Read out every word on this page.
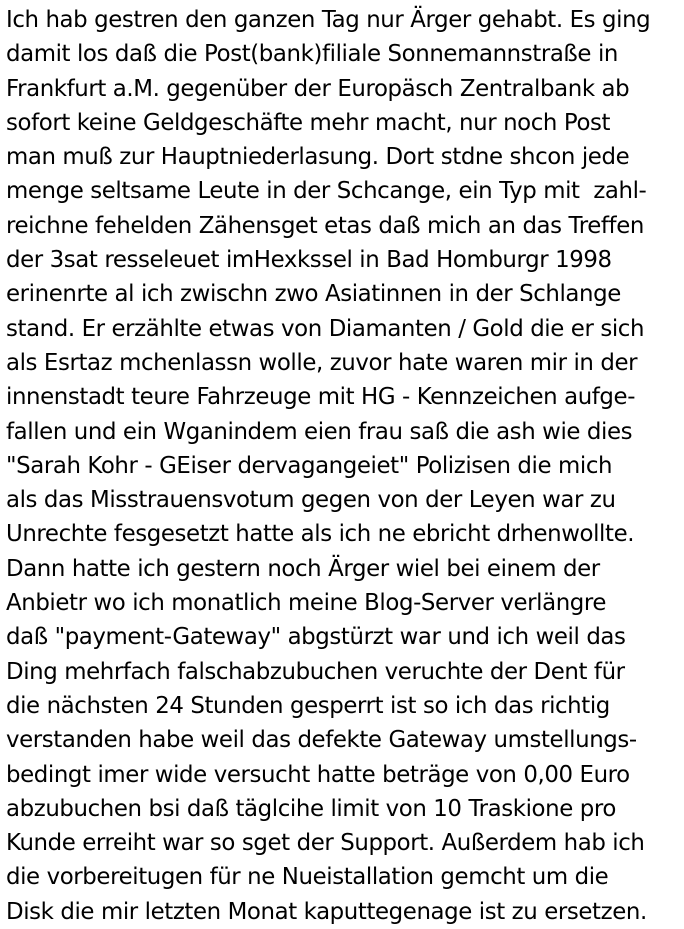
Ich hab gestren den ganzen Tag nur Ärger gehabt. Es ging
damit los daß die Post(bank)filiale Sonnemannstraße in
Frankfurt a.M. gegenüber der Europäsch Zentralbank ab
sofort keine Geldgeschäfte mehr macht, nur noch Post
man muß zur Hauptniederlasung. Dort stdne shcon jede
menge seltsame Leute in der Schcange, ein Typ mit  zahl-
reichne fehelden Zähensget etas daß mich an das Treffen
der 3sat resseleuet imHexkssel in Bad Homburgr 1998
erinenrte al ich zwischn zwo Asiatinnen in der Schlange
stand. Er erzählte etwas von Diamanten / Gold die er sich
als Esrtaz mchenlassn wolle, zuvor hate waren mir in der
innenstadt teure Fahrzeuge mit HG - Kennzeichen aufge-
fallen und ein Wganindem eien frau saß die ash wie dies
"Sarah Kohr - GEiser dervagangeiet" Polizisen die mich
als das Misstrauensvotum gegen von der Leyen war zu
Unrechte fesgesetzt hatte als ich ne ebricht drhenwollte.
Dann hatte ich gestern noch Ärger wiel bei einem der
Anbietr wo ich monatlich meine Blog-Server verlängre
daß "payment-Gateway" abgstürzt war und ich weil das
Ding mehrfach falschabzubuchen veruchte der Dent für
die nächsten 24 Stunden gesperrt ist so ich das richtig
verstanden habe weil das defekte Gateway umstellungs-
bedingt imer wide versucht hatte beträge von 0,00 Euro
abzubuchen bsi daß täglcihe limit von 10 Traskione pro
Kunde erreiht war so sget der Support. Außerdem hab ich
die vorbereitugen für ne Nueistallation gemcht um die
Disk die mir letzten Monat kaputtegenage ist zu ersetzen.
